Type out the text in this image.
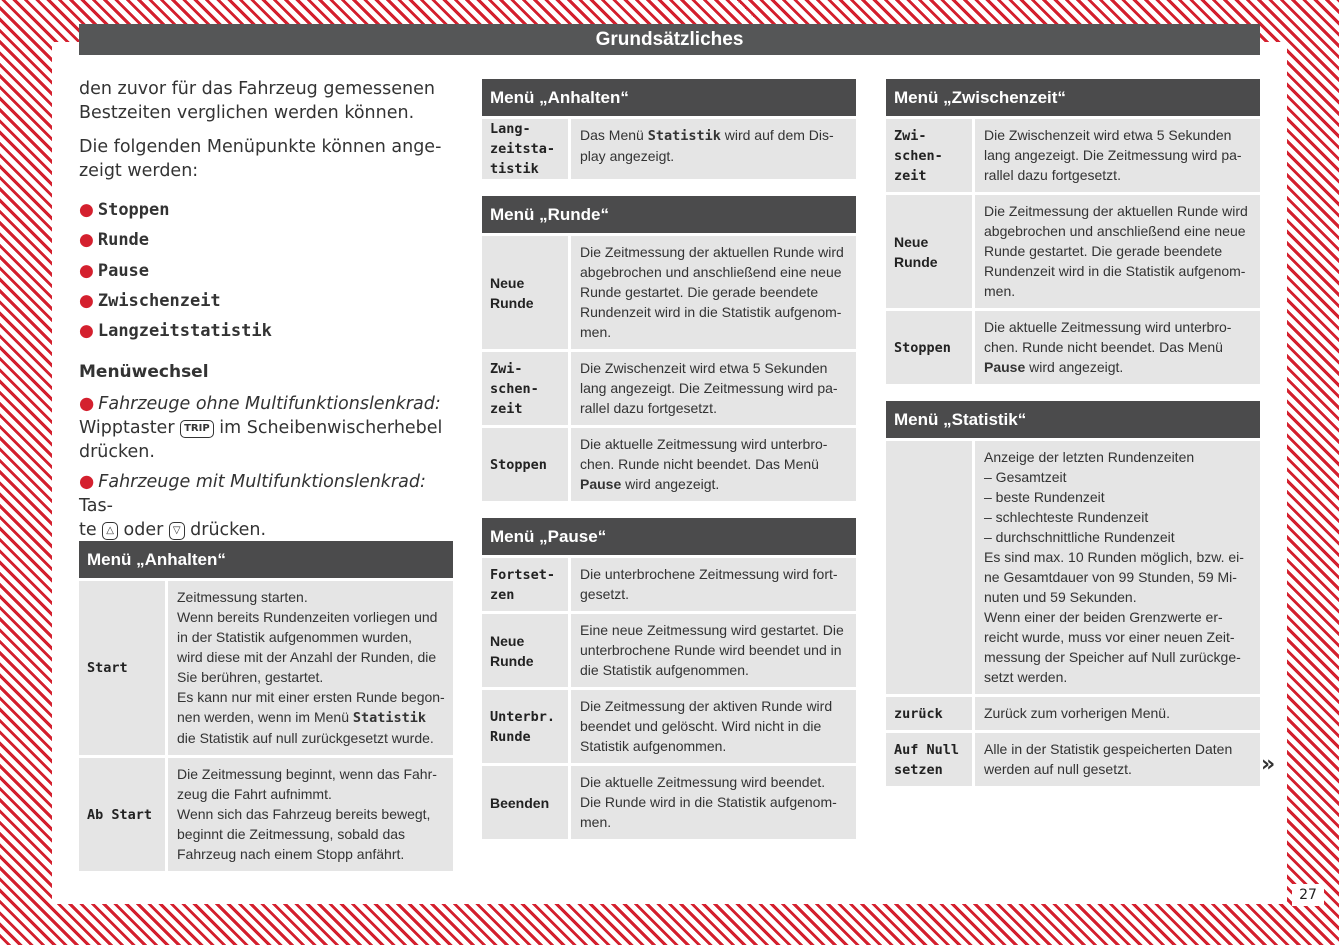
Grundsätzliches

den zuvor für das Fahrzeug gemessenen
Bestzeiten verglichen werden können.

Die folgenden Menüpunkte können ange-
zeigt werden:

● Stoppen
● Runde
● Pause
● Zwischenzeit
● Langzeitstatistik
Menüwechsel

● Fahrzeuge ohne Multifunktionslenkrad:
Wipptaster TRIP im Scheibenwischerhebel
drücken.

● Fahrzeuge mit Multifunktionslenkrad: Tas-
te △ oder ▽ drücken.

Menü „Anhalten“
Start
Zeitmessung starten.
Wenn bereits Rundenzeiten vorliegen und
in der Statistik aufgenommen wurden,
wird diese mit der Anzahl der Runden, die
Sie berühren, gestartet.
Es kann nur mit einer ersten Runde begon-
nen werden, wenn im Menü Statistik
die Statistik auf null zurückgesetzt wurde.
Ab Start
Die Zeitmessung beginnt, wenn das Fahr-
zeug die Fahrt aufnimmt.
Wenn sich das Fahrzeug bereits bewegt,
beginnt die Zeitmessung, sobald das
Fahrzeug nach einem Stopp anfährt.
Menü „Anhalten“
Lang-
zeitsta-
tistik
Das Menü Statistik wird auf dem Dis-
play angezeigt.
Menü „Runde“
Neue
Runde
Die Zeitmessung der aktuellen Runde wird
abgebrochen und anschließend eine neue
Runde gestartet. Die gerade beendete
Rundenzeit wird in die Statistik aufgenom-
men.
Zwi-
schen-
zeit
Die Zwischenzeit wird etwa 5 Sekunden
lang angezeigt. Die Zeitmessung wird pa-
rallel dazu fortgesetzt.
Stoppen
Die aktuelle Zeitmessung wird unterbro-
chen. Runde nicht beendet. Das Menü
Pause wird angezeigt.
Menü „Pause“
Fortset-
zen
Die unterbrochene Zeitmessung wird fort-
gesetzt.
Neue
Runde
Eine neue Zeitmessung wird gestartet. Die
unterbrochene Runde wird beendet und in
die Statistik aufgenommen.
Unterbr.
Runde
Die Zeitmessung der aktiven Runde wird
beendet und gelöscht. Wird nicht in die
Statistik aufgenommen.
Beenden
Die aktuelle Zeitmessung wird beendet.
Die Runde wird in die Statistik aufgenom-
men.
Menü „Zwischenzeit“
Zwi-
schen-
zeit
Die Zwischenzeit wird etwa 5 Sekunden
lang angezeigt. Die Zeitmessung wird pa-
rallel dazu fortgesetzt.
Neue
Runde
Die Zeitmessung der aktuellen Runde wird
abgebrochen und anschließend eine neue
Runde gestartet. Die gerade beendete
Rundenzeit wird in die Statistik aufgenom-
men.
Stoppen
Die aktuelle Zeitmessung wird unterbro-
chen. Runde nicht beendet. Das Menü
Pause wird angezeigt.
Menü „Statistik“
Anzeige der letzten Rundenzeiten
– Gesamtzeit
– beste Rundenzeit
– schlechteste Rundenzeit
– durchschnittliche Rundenzeit
Es sind max. 10 Runden möglich, bzw. ei-
ne Gesamtdauer von 99 Stunden, 59 Mi-
nuten und 59 Sekunden.
Wenn einer der beiden Grenzwerte er-
reicht wurde, muss vor einer neuen Zeit-
messung der Speicher auf Null zurückge-
setzt werden.
zurück	Zurück zum vorherigen Menü.
Auf Null
setzen
Alle in der Statistik gespeicherten Daten
werden auf null gesetzt.	»
27
